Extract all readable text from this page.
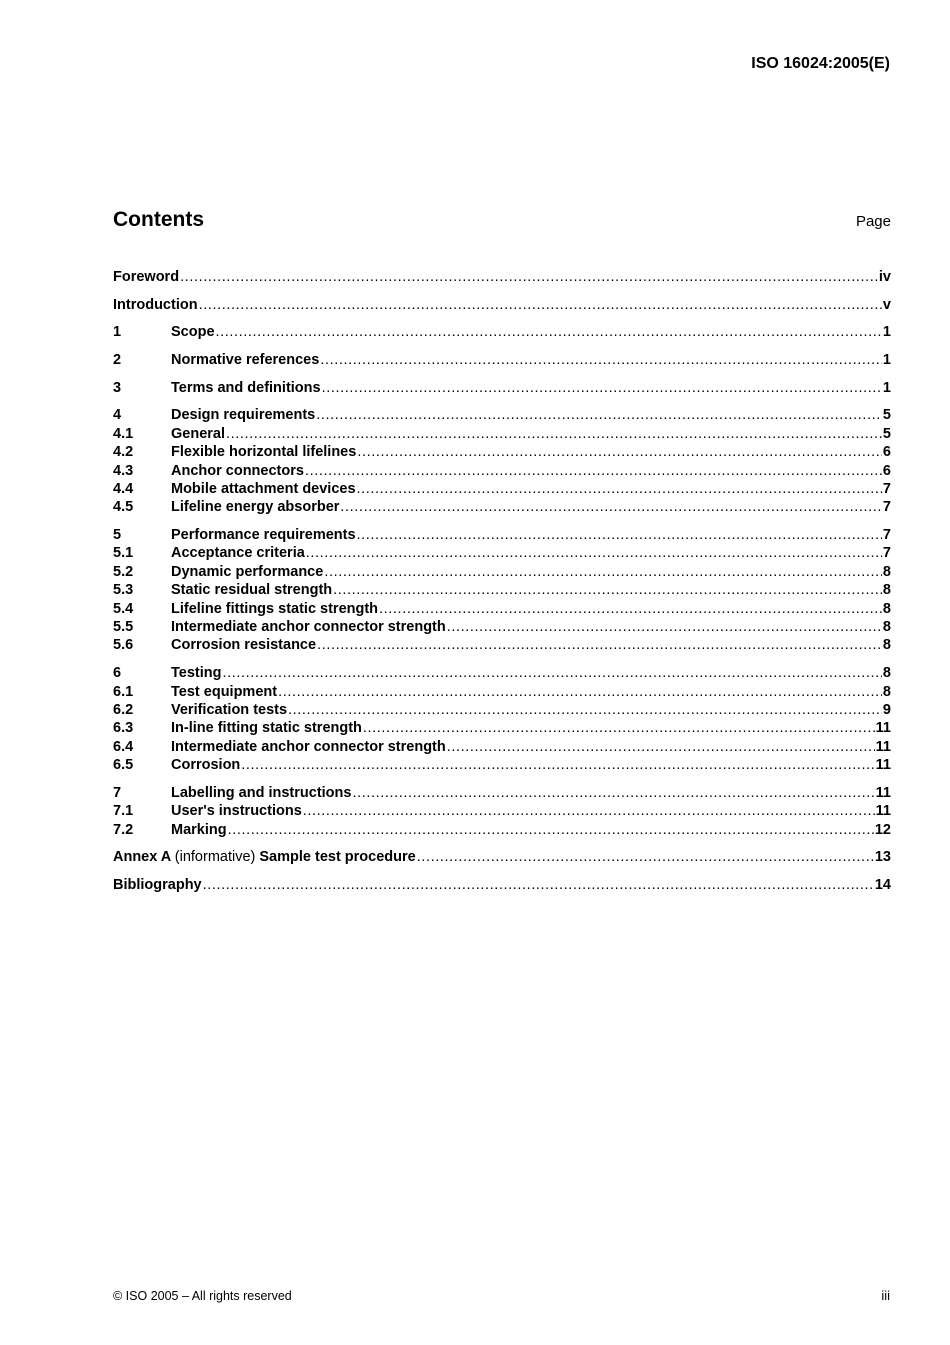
ISO 16024:2005(E)
Contents	Page
Foreword .....	iv
Introduction .....	v
1	Scope .....	1
2	Normative references .....	1
3	Terms and definitions .....	1
4	Design requirements .....	5
4.1	General .....	5
4.2	Flexible horizontal lifelines .....	6
4.3	Anchor connectors .....	6
4.4	Mobile attachment devices .....	7
4.5	Lifeline energy absorber .....	7
5	Performance requirements .....	7
5.1	Acceptance criteria .....	7
5.2	Dynamic performance .....	8
5.3	Static residual strength .....	8
5.4	Lifeline fittings static strength .....	8
5.5	Intermediate anchor connector strength .....	8
5.6	Corrosion resistance .....	8
6	Testing .....	8
6.1	Test equipment .....	8
6.2	Verification tests .....	9
6.3	In-line fitting static strength .....	11
6.4	Intermediate anchor connector strength .....	11
6.5	Corrosion .....	11
7	Labelling and instructions .....	11
7.1	User's instructions .....	11
7.2	Marking .....	12
Annex A (informative) Sample test procedure .....	13
Bibliography .....	14
© ISO 2005 – All rights reserved	iii
